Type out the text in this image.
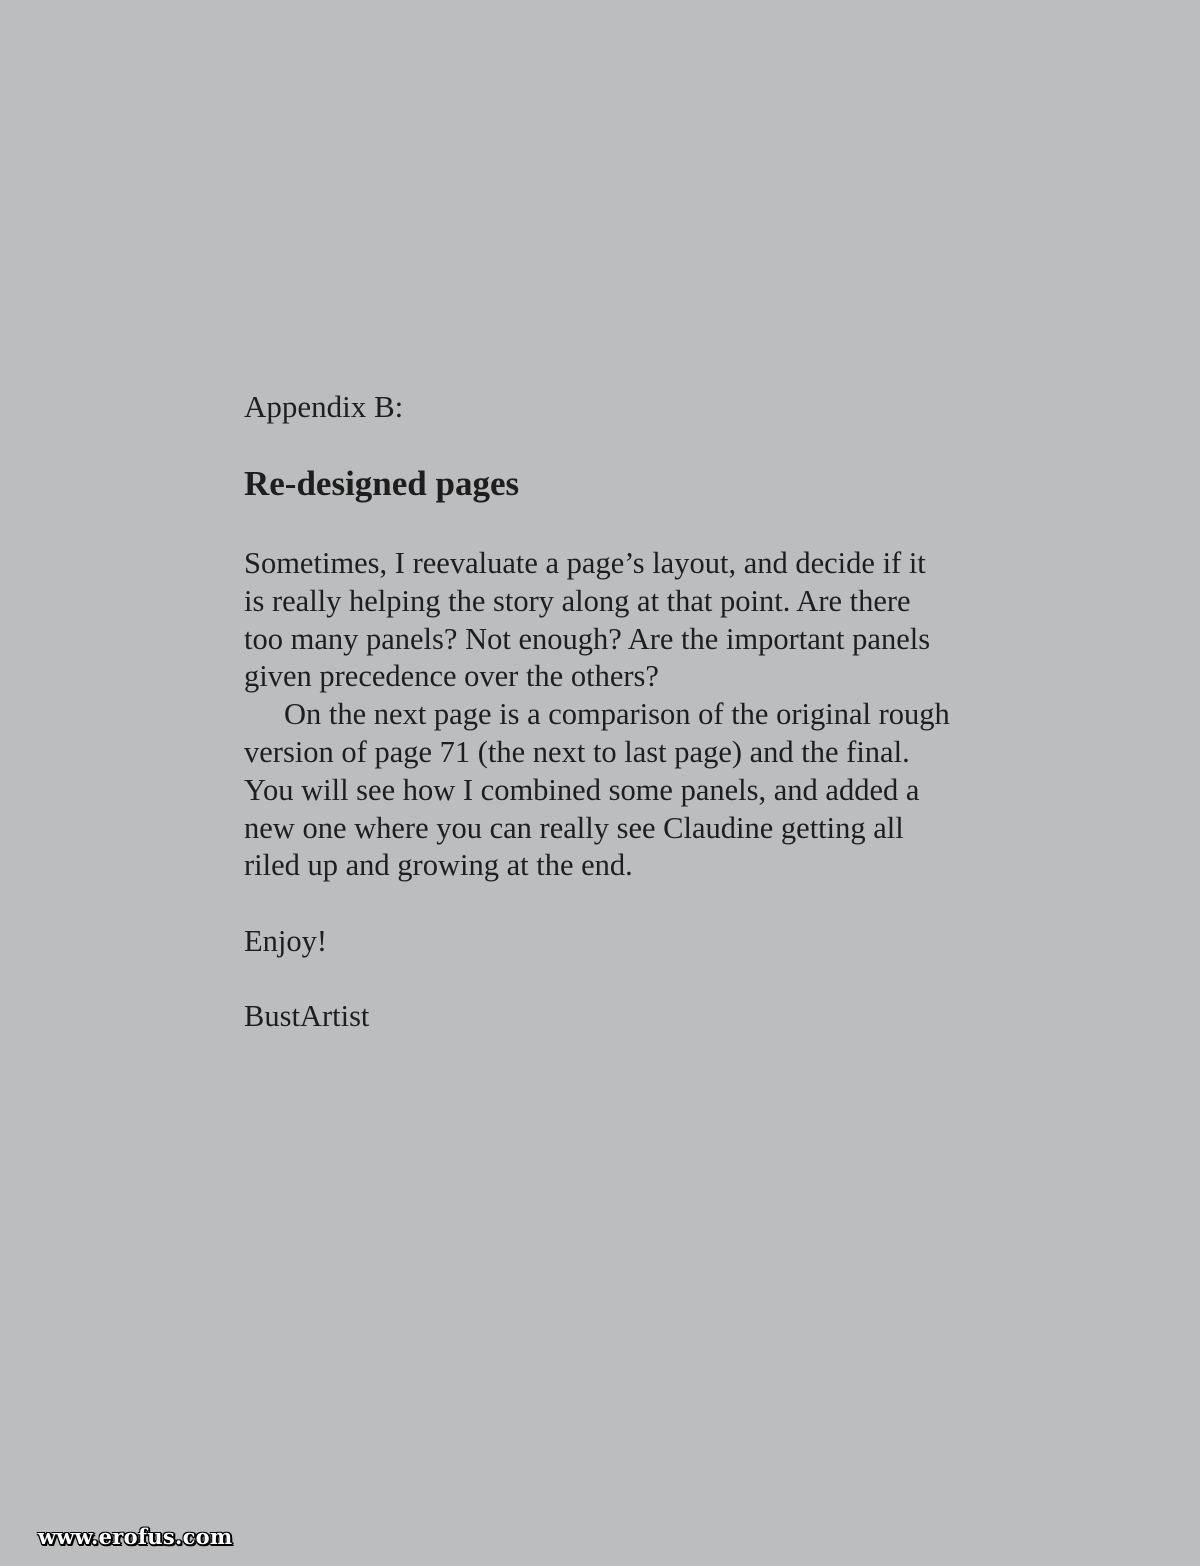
Appendix B:

Re-designed pages
Sometimes, I reevaluate a page’s layout, and decide if it
is really helping the story along at that point. Are there
too many panels? Not enough? Are the important panels
given precedence over the others?
On the next page is a comparison of the original rough
version of page 71 (the next to last page) and the final.
You will see how I combined some panels, and added a
new one where you can really see Claudine getting all
riled up and growing at the end.

Enjoy!

BustArtist

www.erofus.com
